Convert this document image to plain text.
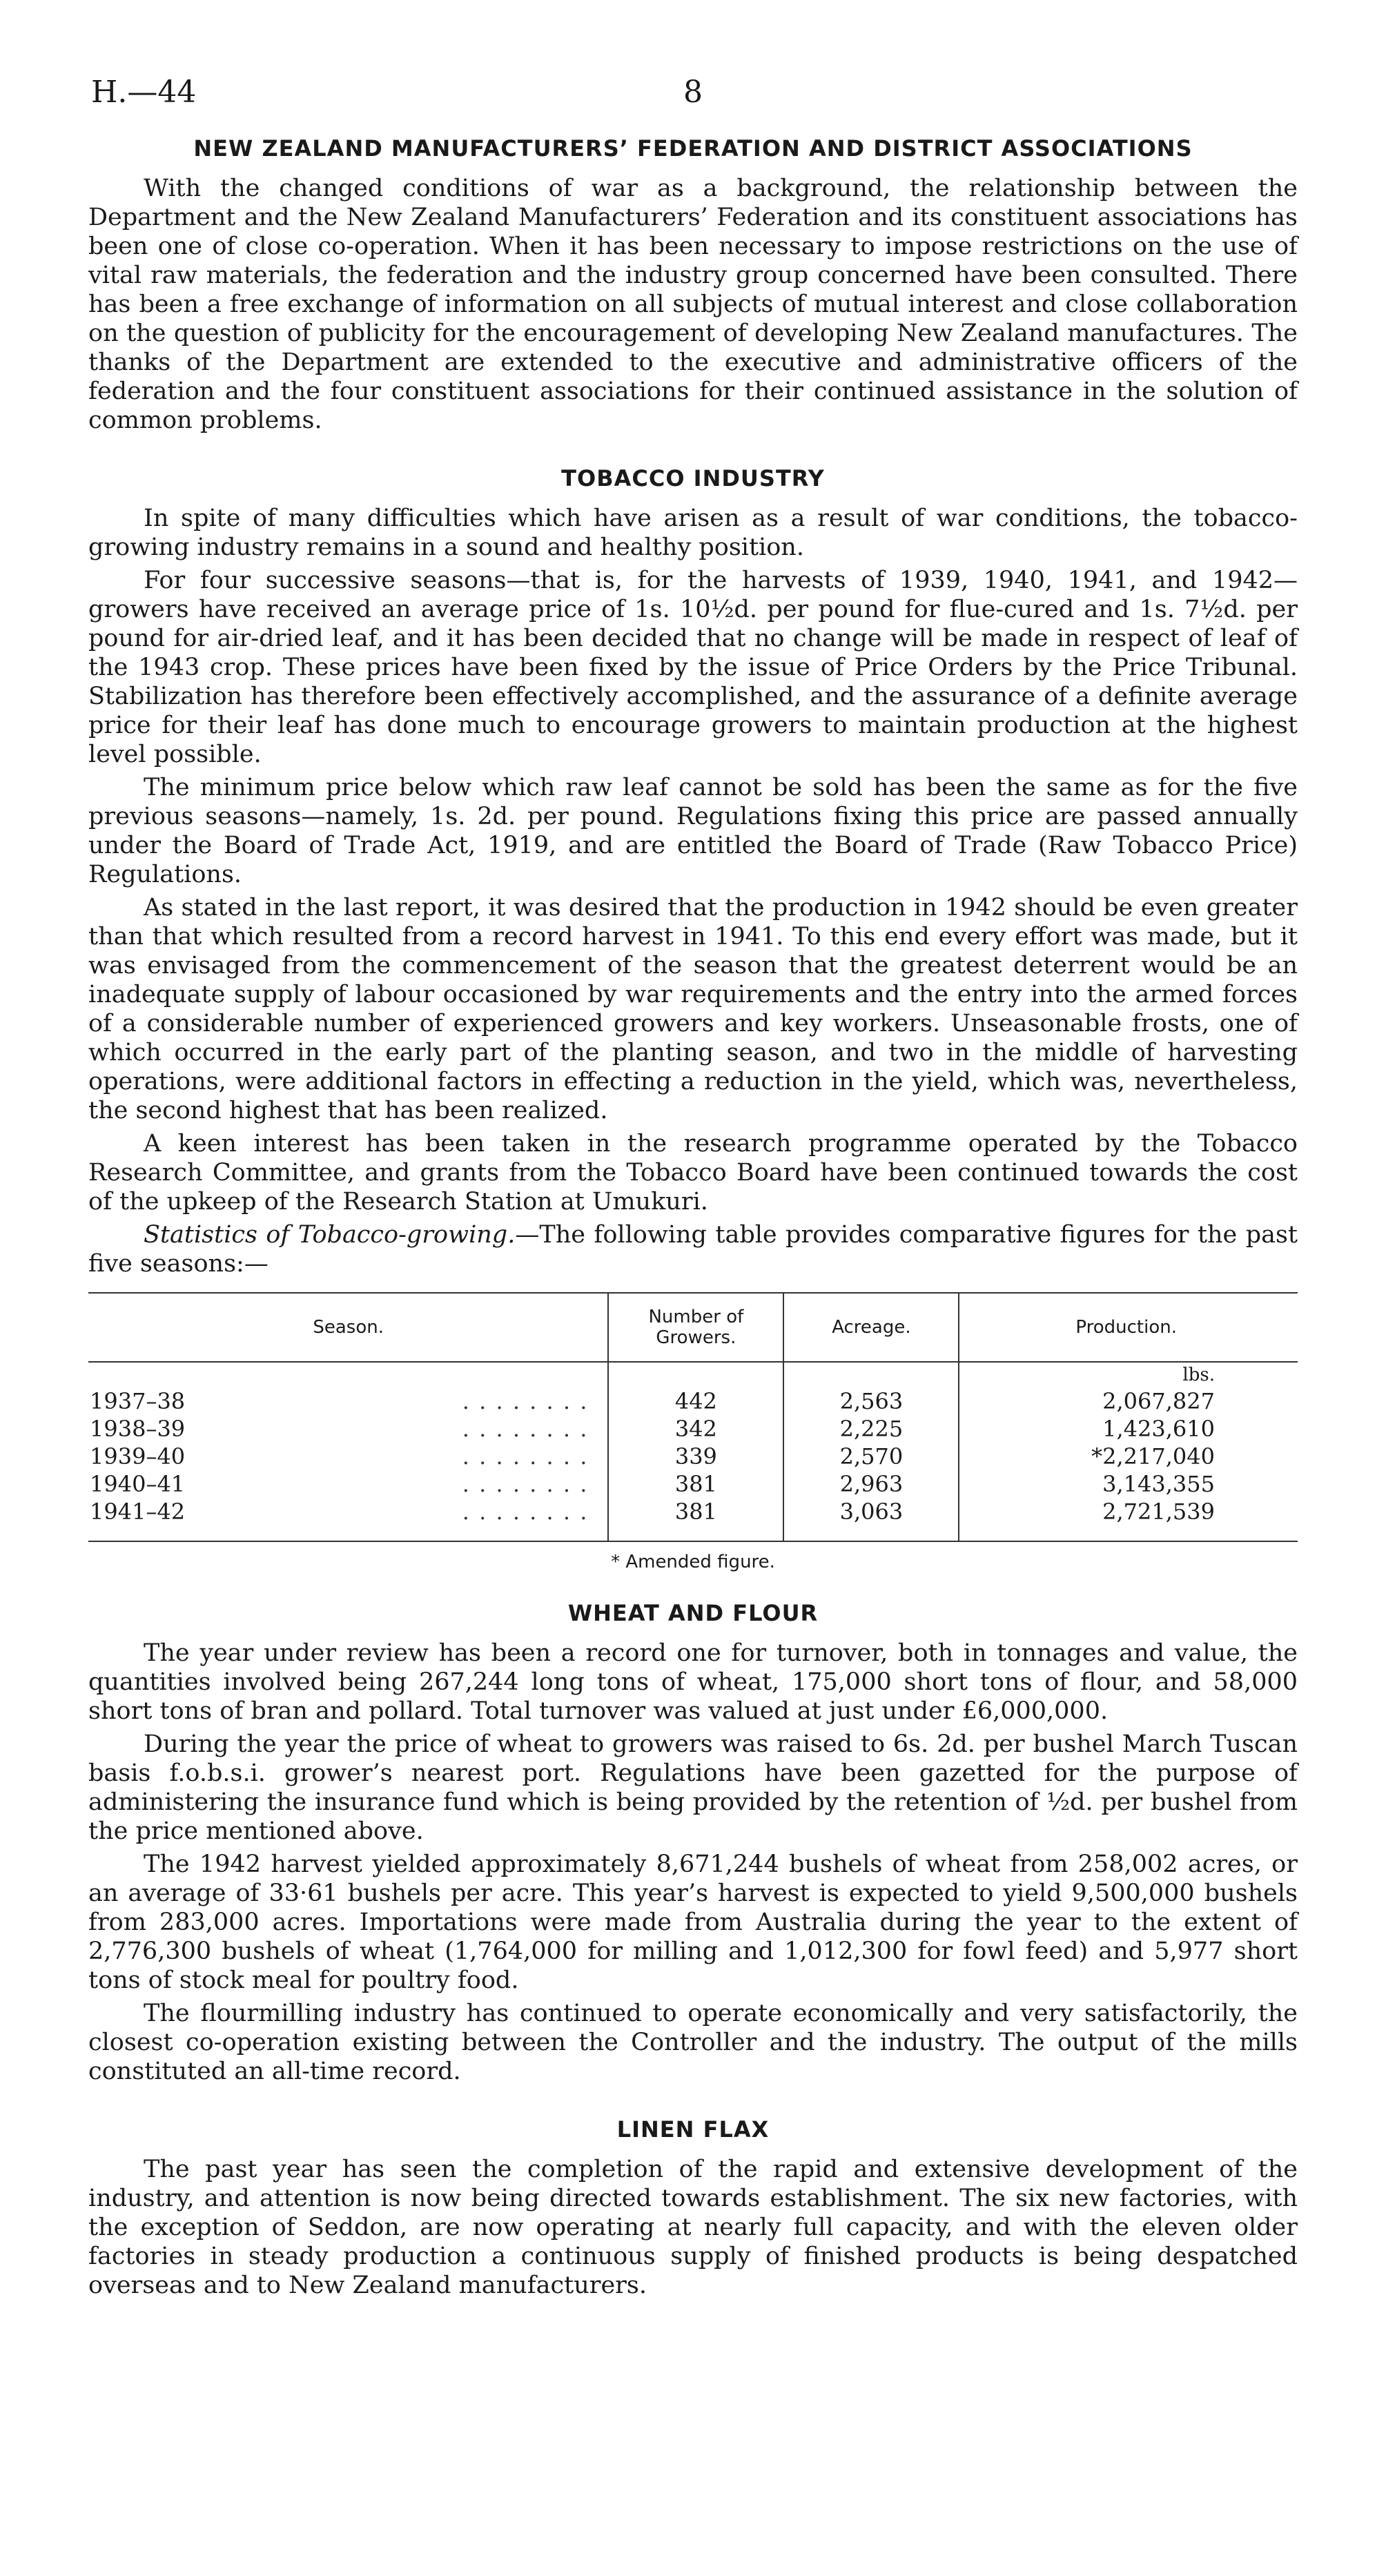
H.—44	8
NEW ZEALAND MANUFACTURERS’ FEDERATION AND DISTRICT ASSOCIATIONS

With the changed conditions of war as a background, the relationship between the Department and the New Zealand Manufacturers’ Federation and its constituent associations has been one of close co-operation. When it has been necessary to impose restrictions on the use of vital raw materials, the federation and the industry group concerned have been consulted. There has been a free exchange of information on all subjects of mutual interest and close collaboration on the question of publicity for the encouragement of developing New Zealand manufactures. The thanks of the Department are extended to the executive and administrative officers of the federation and the four constituent associations for their continued assistance in the solution of common problems.

TOBACCO INDUSTRY

In spite of many difficulties which have arisen as a result of war conditions, the tobacco-growing industry remains in a sound and healthy position.

For four successive seasons—that is, for the harvests of 1939, 1940, 1941, and 1942—growers have received an average price of 1s. 10½d. per pound for flue-cured and 1s. 7½d. per pound for air-dried leaf, and it has been decided that no change will be made in respect of leaf of the 1943 crop. These prices have been fixed by the issue of Price Orders by the Price Tribunal. Stabilization has therefore been effectively accomplished, and the assurance of a definite average price for their leaf has done much to encourage growers to maintain production at the highest level possible.

The minimum price below which raw leaf cannot be sold has been the same as for the five previous seasons—namely, 1s. 2d. per pound. Regulations fixing this price are passed annually under the Board of Trade Act, 1919, and are entitled the Board of Trade (Raw Tobacco Price) Regulations.

As stated in the last report, it was desired that the production in 1942 should be even greater than that which resulted from a record harvest in 1941. To this end every effort was made, but it was envisaged from the commencement of the season that the greatest deterrent would be an inadequate supply of labour occasioned by war requirements and the entry into the armed forces of a considerable number of experienced growers and key workers. Unseasonable frosts, one of which occurred in the early part of the planting season, and two in the middle of harvesting operations, were additional factors in effecting a reduction in the yield, which was, nevertheless, the second highest that has been realized.

A keen interest has been taken in the research programme operated by the Tobacco Research Committee, and grants from the Tobacco Board have been continued towards the cost of the upkeep of the Research Station at Umukuri.

Statistics of Tobacco-growing.—The following table provides comparative figures for the past five seasons:—

Season.	Number of Growers.	Acreage.	Production.
			lbs.

1937–38 . . . . . . . .	442	2,563	2,067,827

1938–39 . . . . . . . .	342	2,225	1,423,610

1939–40 . . . . . . . .	339	2,570	*2,217,040

1940–41 . . . . . . . .	381	2,963	3,143,355

1941–42 . . . . . . . .	381	3,063	2,721,539
* Amended figure.
WHEAT AND FLOUR

The year under review has been a record one for turnover, both in tonnages and value, the quantities involved being 267,244 long tons of wheat, 175,000 short tons of flour, and 58,000 short tons of bran and pollard. Total turnover was valued at just under £6,000,000.

During the year the price of wheat to growers was raised to 6s. 2d. per bushel March Tuscan basis f.o.b.s.i. grower’s nearest port. Regulations have been gazetted for the purpose of administering the insurance fund which is being provided by the retention of ½d. per bushel from the price mentioned above.

The 1942 harvest yielded approximately 8,671,244 bushels of wheat from 258,002 acres, or an average of 33·61 bushels per acre. This year’s harvest is expected to yield 9,500,000 bushels from 283,000 acres. Importations were made from Australia during the year to the extent of 2,776,300 bushels of wheat (1,764,000 for milling and 1,012,300 for fowl feed) and 5,977 short tons of stock meal for poultry food.

The flourmilling industry has continued to operate economically and very satisfactorily, the closest co-operation existing between the Controller and the industry. The output of the mills constituted an all-time record.

LINEN FLAX

The past year has seen the completion of the rapid and extensive development of the industry, and attention is now being directed towards establishment. The six new factories, with the exception of Seddon, are now operating at nearly full capacity, and with the eleven older factories in steady production a continuous supply of finished products is being despatched overseas and to New Zealand manufacturers.
